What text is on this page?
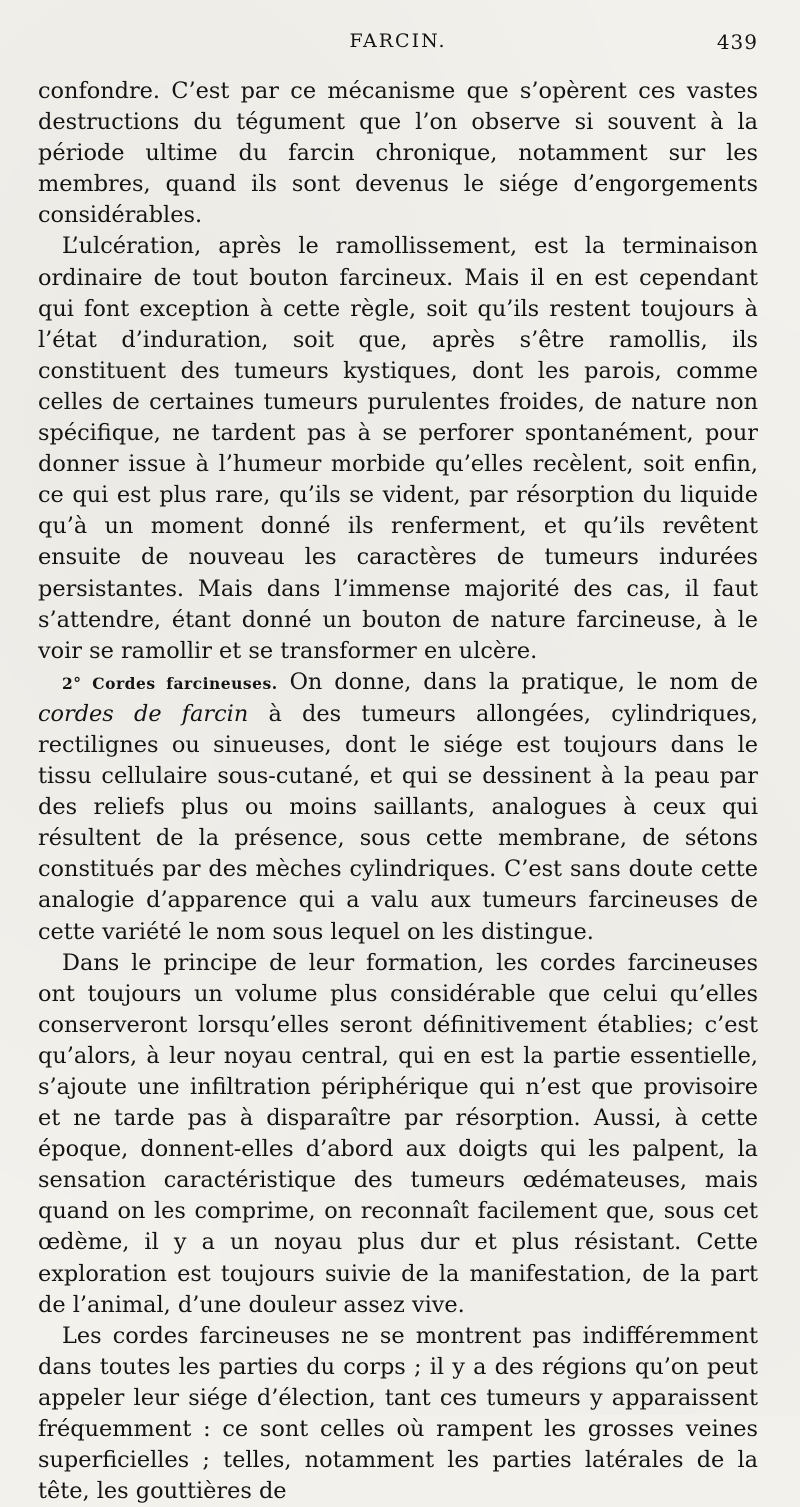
FARCIN.	439

confondre. C’est par ce mécanisme que s’opèrent ces vastes destructions du tégument que l’on observe si souvent à la période ultime du farcin chronique, notamment sur les membres, quand ils sont devenus le siége d’engorgements considérables.

L’ulcération, après le ramollissement, est la terminaison ordinaire de tout bouton farcineux. Mais il en est cependant qui font exception à cette règle, soit qu’ils restent toujours à l’état d’induration, soit que, après s’être ramollis, ils constituent des tumeurs kystiques, dont les parois, comme celles de certaines tumeurs purulentes froides, de nature non spécifique, ne tardent pas à se perforer spontanément, pour donner issue à l’humeur morbide qu’elles recèlent, soit enfin, ce qui est plus rare, qu’ils se vident, par résorption du liquide qu’à un moment donné ils renferment, et qu’ils revêtent ensuite de nouveau les caractères de tumeurs indurées persistantes. Mais dans l’immense majorité des cas, il faut s’attendre, étant donné un bouton de nature farcineuse, à le voir se ramollir et se transformer en ulcère.

2° Cordes farcineuses. On donne, dans la pratique, le nom de cordes de farcin à des tumeurs allongées, cylindriques, rectilignes ou sinueuses, dont le siége est toujours dans le tissu cellulaire sous-cutané, et qui se dessinent à la peau par des reliefs plus ou moins saillants, analogues à ceux qui résultent de la présence, sous cette membrane, de sétons constitués par des mèches cylindriques. C’est sans doute cette analogie d’apparence qui a valu aux tumeurs farcineuses de cette variété le nom sous lequel on les distingue.

Dans le principe de leur formation, les cordes farcineuses ont toujours un volume plus considérable que celui qu’elles conserveront lorsqu’elles seront définitivement établies; c’est qu’alors, à leur noyau central, qui en est la partie essentielle, s’ajoute une infiltration périphérique qui n’est que provisoire et ne tarde pas à disparaître par résorption. Aussi, à cette époque, donnent-elles d’abord aux doigts qui les palpent, la sensation caractéristique des tumeurs œdémateuses, mais quand on les comprime, on reconnaît facilement que, sous cet œdème, il y a un noyau plus dur et plus résistant. Cette exploration est toujours suivie de la manifestation, de la part de l’animal, d’une douleur assez vive.

Les cordes farcineuses ne se montrent pas indifféremment dans toutes les parties du corps ; il y a des régions qu’on peut appeler leur siége d’élection, tant ces tumeurs y apparaissent fréquemment : ce sont celles où rampent les grosses veines superficielles ; telles, notamment les parties latérales de la tête, les gouttières de
